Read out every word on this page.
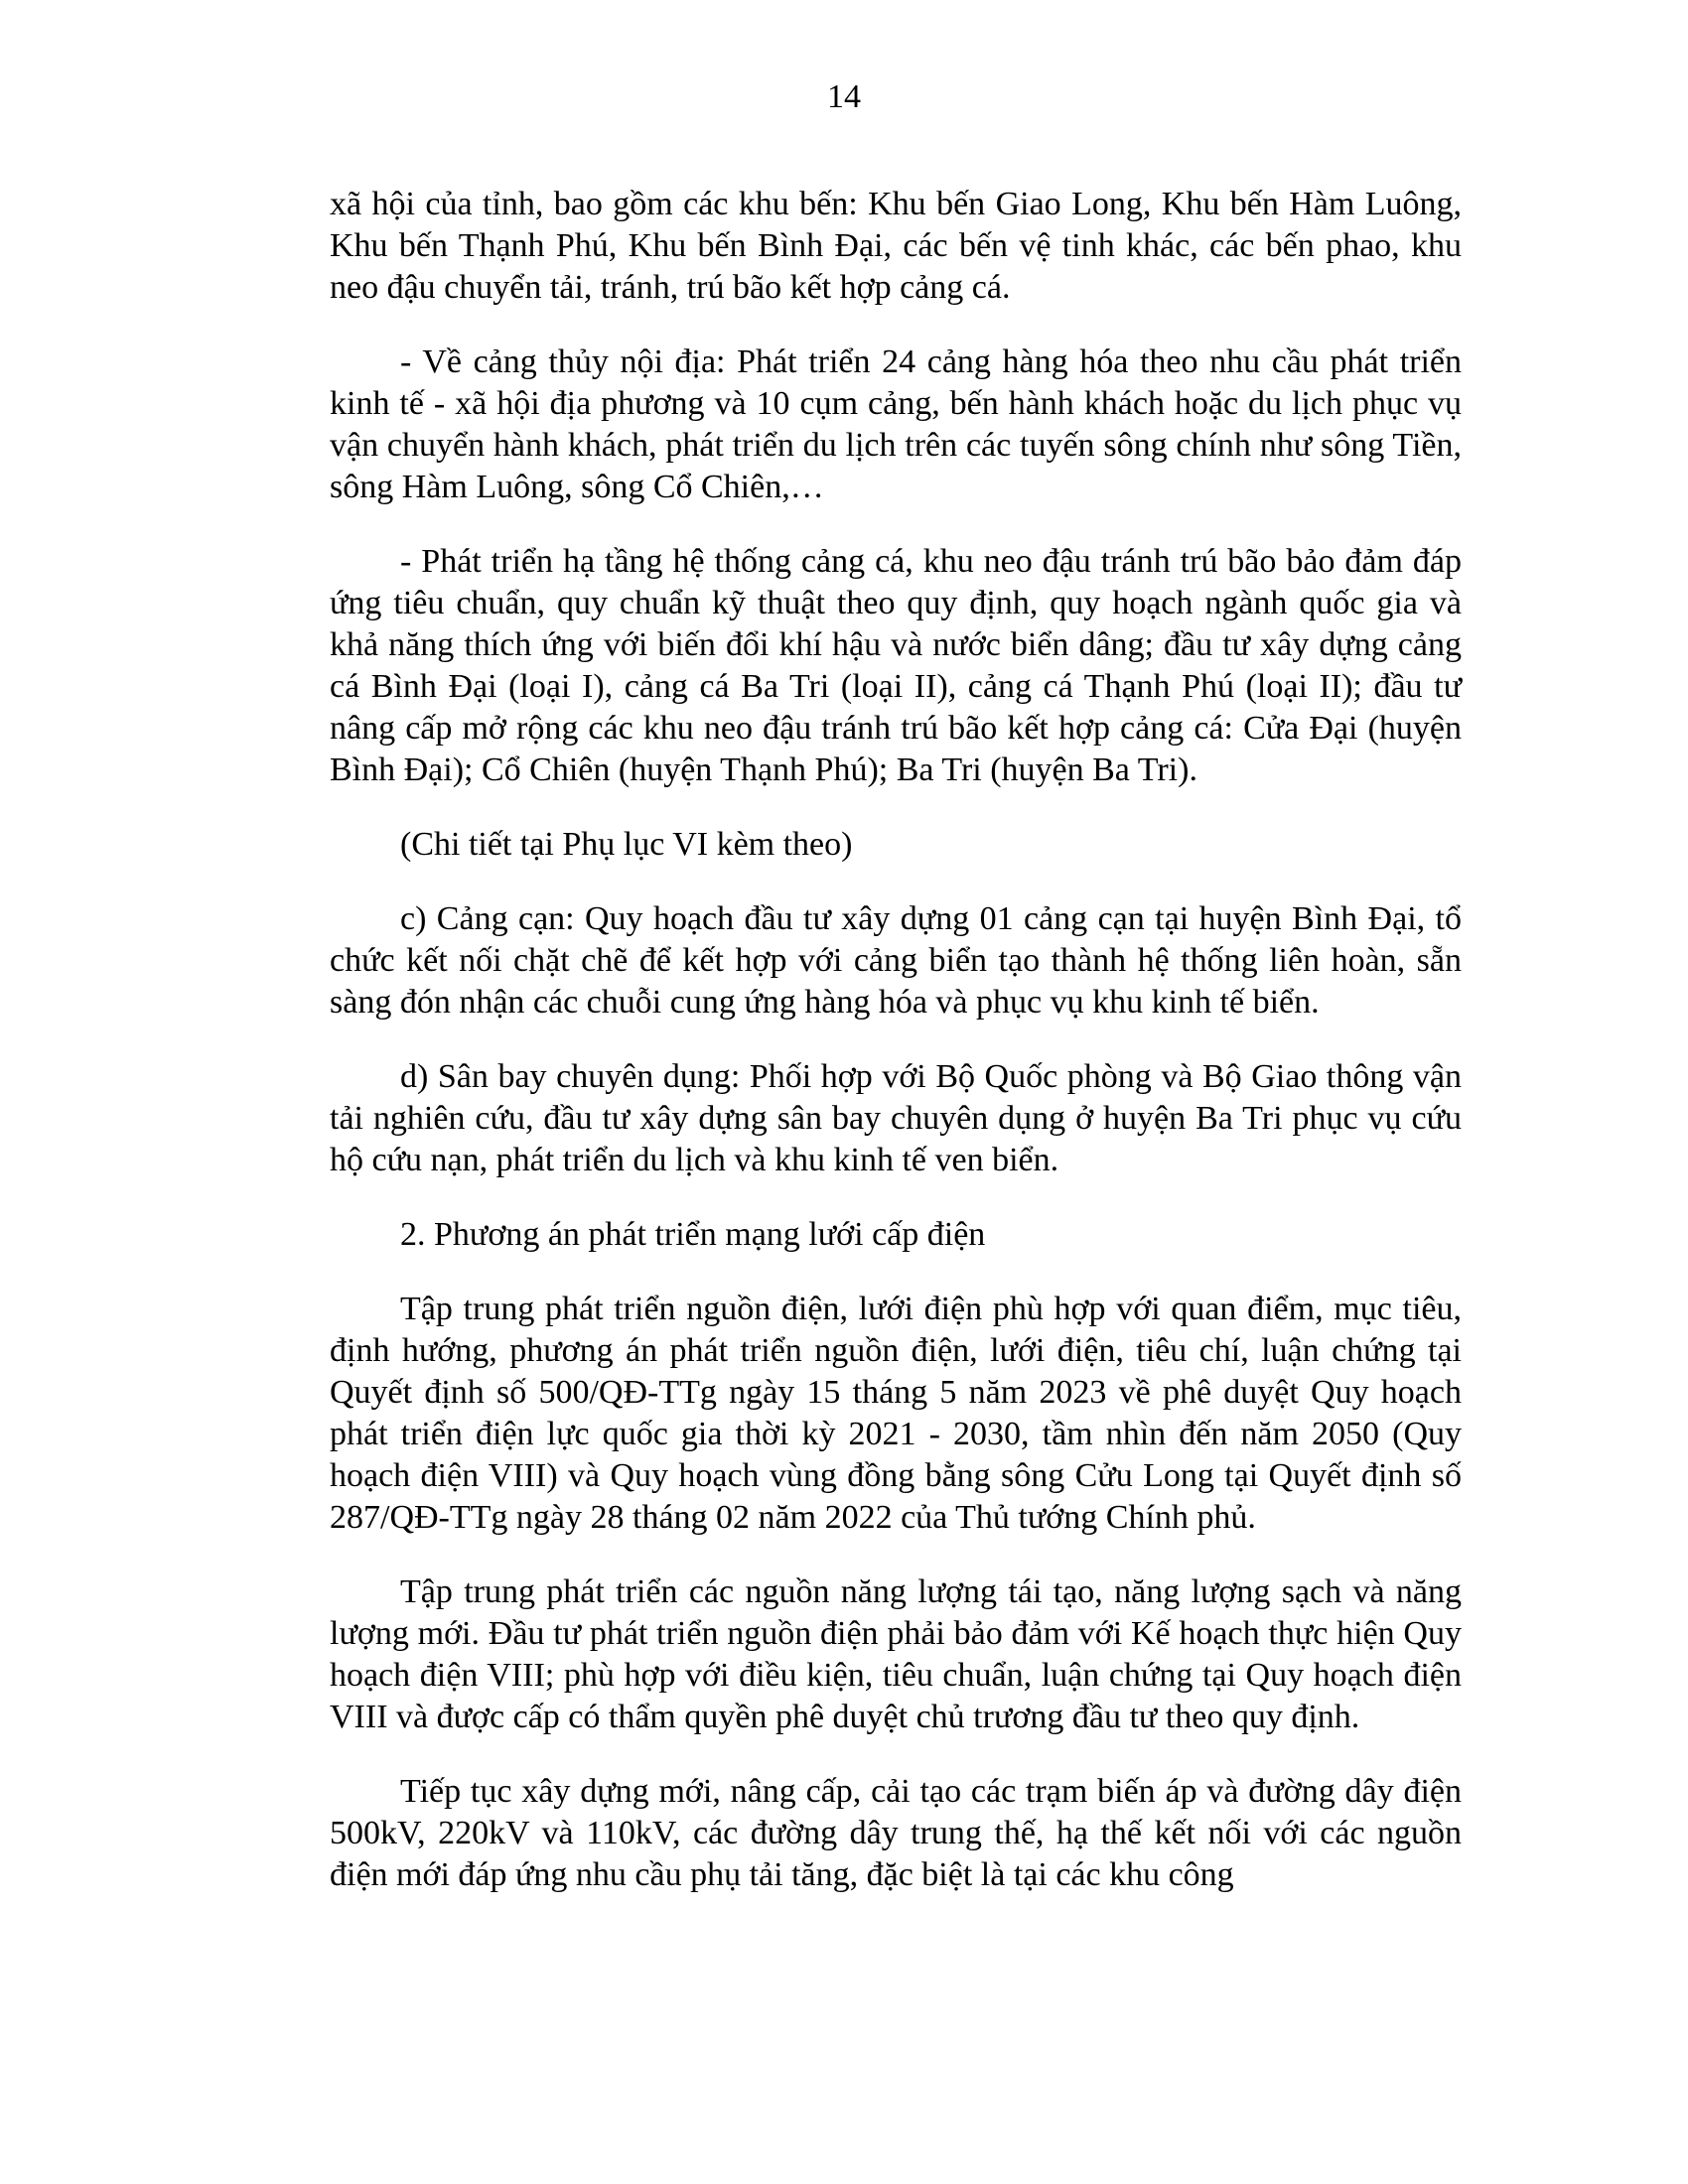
14

xã hội của tỉnh, bao gồm các khu bến: Khu bến Giao Long, Khu bến Hàm Luông, Khu bến Thạnh Phú, Khu bến Bình Đại, các bến vệ tinh khác, các bến phao, khu neo đậu chuyển tải, tránh, trú bão kết hợp cảng cá.

- Về cảng thủy nội địa: Phát triển 24 cảng hàng hóa theo nhu cầu phát triển kinh tế - xã hội địa phương và 10 cụm cảng, bến hành khách hoặc du lịch phục vụ vận chuyển hành khách, phát triển du lịch trên các tuyến sông chính như sông Tiền, sông Hàm Luông, sông Cổ Chiên,…

- Phát triển hạ tầng hệ thống cảng cá, khu neo đậu tránh trú bão bảo đảm đáp ứng tiêu chuẩn, quy chuẩn kỹ thuật theo quy định, quy hoạch ngành quốc gia và khả năng thích ứng với biến đổi khí hậu và nước biển dâng; đầu tư xây dựng cảng cá Bình Đại (loại I), cảng cá Ba Tri (loại II), cảng cá Thạnh Phú (loại II); đầu tư nâng cấp mở rộng các khu neo đậu tránh trú bão kết hợp cảng cá: Cửa Đại (huyện Bình Đại); Cổ Chiên (huyện Thạnh Phú); Ba Tri (huyện Ba Tri).

(Chi tiết tại Phụ lục VI kèm theo)

c) Cảng cạn: Quy hoạch đầu tư xây dựng 01 cảng cạn tại huyện Bình Đại, tổ chức kết nối chặt chẽ để kết hợp với cảng biển tạo thành hệ thống liên hoàn, sẵn sàng đón nhận các chuỗi cung ứng hàng hóa và phục vụ khu kinh tế biển.

d) Sân bay chuyên dụng: Phối hợp với Bộ Quốc phòng và Bộ Giao thông vận tải nghiên cứu, đầu tư xây dựng sân bay chuyên dụng ở huyện Ba Tri phục vụ cứu hộ cứu nạn, phát triển du lịch và khu kinh tế ven biển.

2. Phương án phát triển mạng lưới cấp điện

Tập trung phát triển nguồn điện, lưới điện phù hợp với quan điểm, mục tiêu, định hướng, phương án phát triển nguồn điện, lưới điện, tiêu chí, luận chứng tại Quyết định số 500/QĐ-TTg ngày 15 tháng 5 năm 2023 về phê duyệt Quy hoạch phát triển điện lực quốc gia thời kỳ 2021 - 2030, tầm nhìn đến năm 2050 (Quy hoạch điện VIII) và Quy hoạch vùng đồng bằng sông Cửu Long tại Quyết định số 287/QĐ-TTg ngày 28 tháng 02 năm 2022 của Thủ tướng Chính phủ.

Tập trung phát triển các nguồn năng lượng tái tạo, năng lượng sạch và năng lượng mới. Đầu tư phát triển nguồn điện phải bảo đảm với Kế hoạch thực hiện Quy hoạch điện VIII; phù hợp với điều kiện, tiêu chuẩn, luận chứng tại Quy hoạch điện VIII và được cấp có thẩm quyền phê duyệt chủ trương đầu tư theo quy định.

Tiếp tục xây dựng mới, nâng cấp, cải tạo các trạm biến áp và đường dây điện 500kV, 220kV và 110kV, các đường dây trung thế, hạ thế kết nối với các nguồn điện mới đáp ứng nhu cầu phụ tải tăng, đặc biệt là tại các khu công
